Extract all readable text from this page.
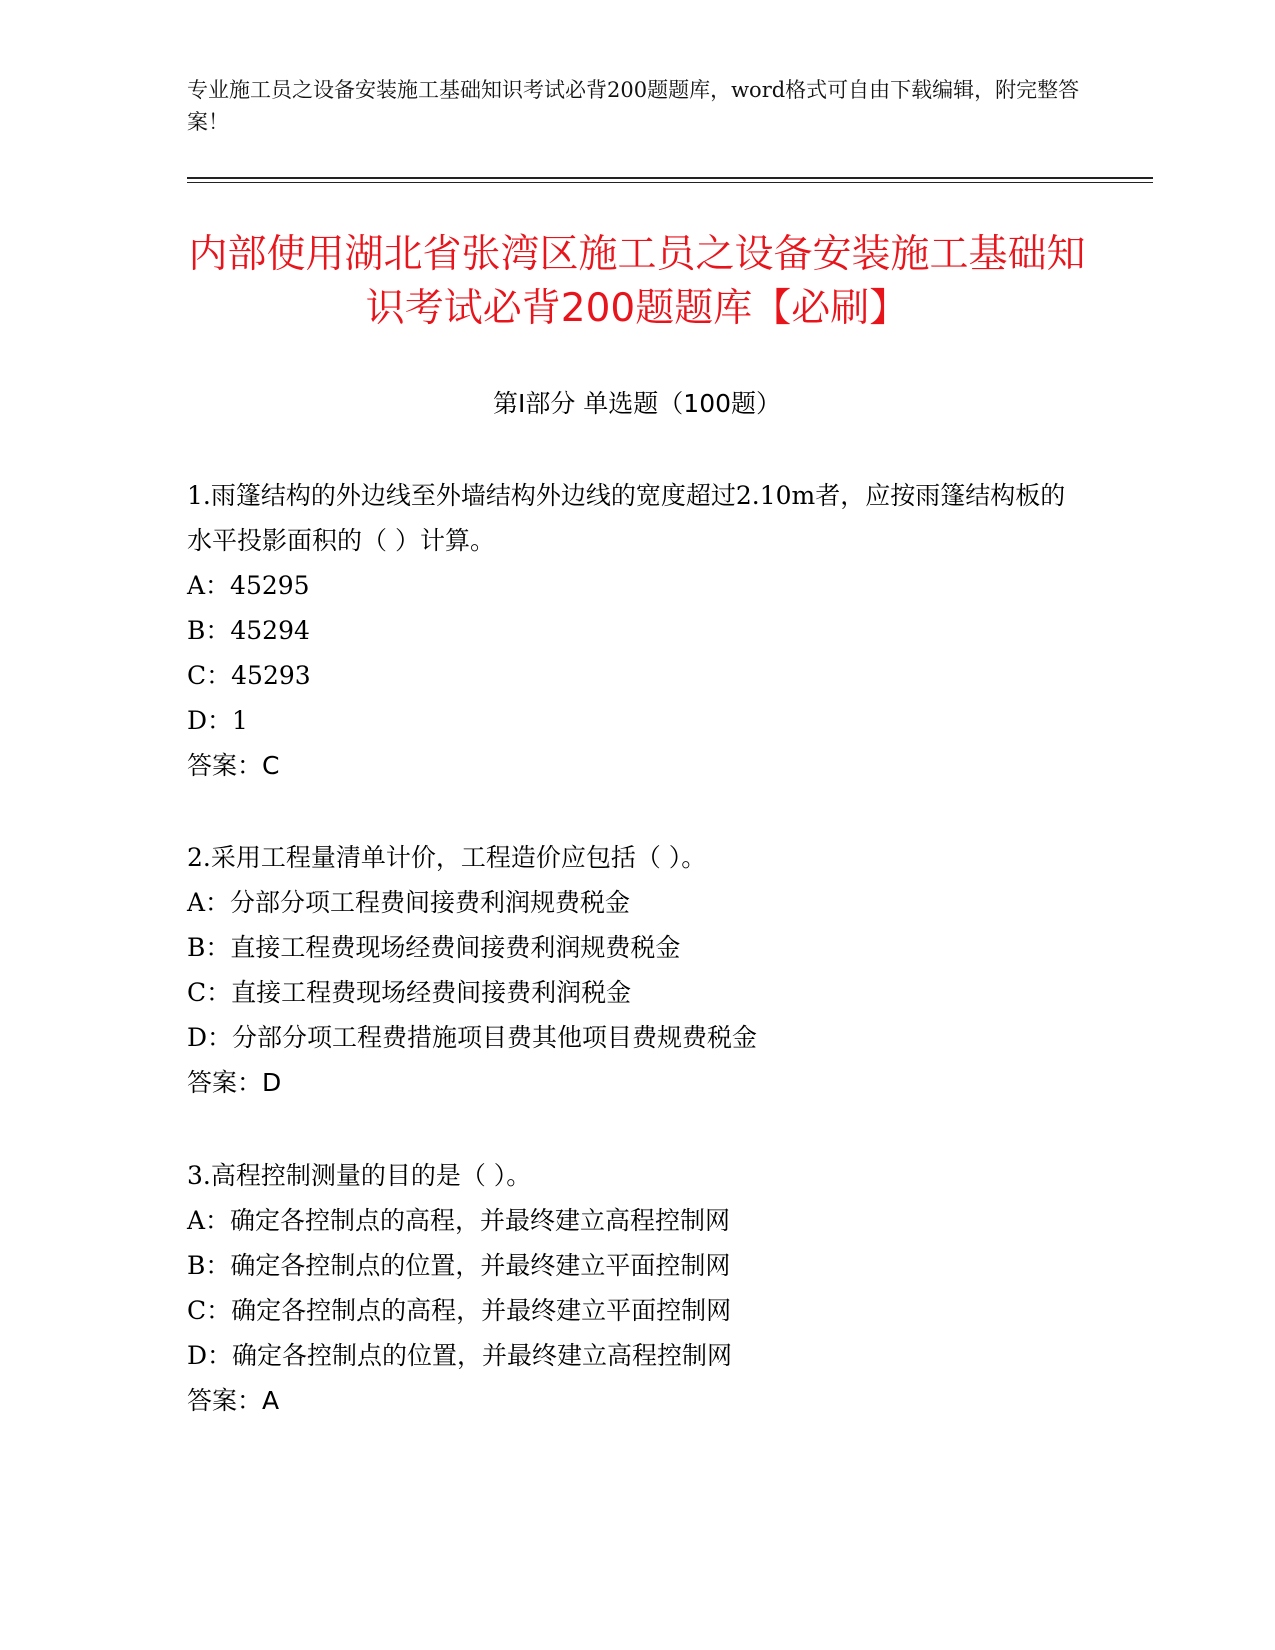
专业施工员之设备安装施工基础知识考试必背200题题库，word格式可自由下载编辑，附完整答案！
内部使用湖北省张湾区施工员之设备安装施工基础知识考试必背200题题库【必刷】
第Ⅰ部分 单选题（100题）

1.雨篷结构的外边线至外墙结构外边线的宽度超过2.10m者，应按雨篷结构板的水平投影面积的（ ）计算。

A：45295

B：45294

C：45293

D：1

答案：C

2.采用工程量清单计价，工程造价应包括（ ）。

A：分部分项工程费间接费利润规费税金

B：直接工程费现场经费间接费利润规费税金

C：直接工程费现场经费间接费利润税金

D：分部分项工程费措施项目费其他项目费规费税金

答案：D

3.高程控制测量的目的是（ ）。

A：确定各控制点的高程，并最终建立高程控制网

B：确定各控制点的位置，并最终建立平面控制网

C：确定各控制点的高程，并最终建立平面控制网

D：确定各控制点的位置，并最终建立高程控制网

答案：A
